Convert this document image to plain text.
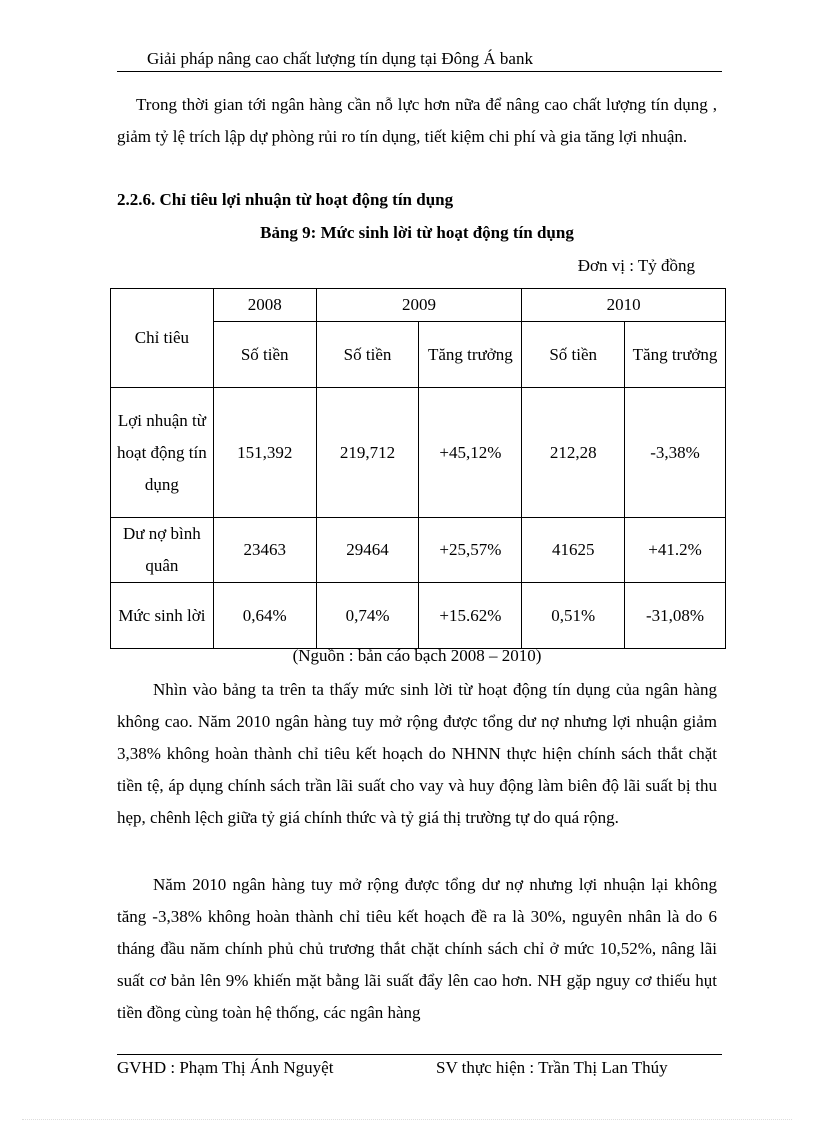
Giải pháp nâng cao chất lượng tín dụng tại Đông Á bank

Trong thời gian tới ngân hàng cần nỗ lực hơn nữa để nâng cao chất lượng tín dụng , giảm tỷ lệ trích lập dự phòng rủi ro tín dụng, tiết kiệm chi phí và gia tăng lợi nhuận.

2.2.6. Chỉ tiêu lợi nhuận từ hoạt động tín dụng
Bảng 9: Mức sinh lời từ hoạt động tín dụng
Đơn vị : Tỷ đồng
Chỉ tiêu	2008	2009		2010	
	Số tiền	Số tiền	Tăng trưởng	Số tiền	Tăng trưởng
Lợi nhuận từ hoạt động tín dụng	151,392	219,712	+45,12%	212,28	-3,38%
Dư nợ bình quân	23463	29464	+25,57%	41625	+41.2%
Mức sinh lời	0,64%	0,74%	+15.62%	0,51%	-31,08%
(Nguồn : bản cáo bạch 2008 – 2010)

Nhìn vào bảng ta trên ta thấy mức sinh lời từ hoạt động tín dụng của ngân hàng không cao. Năm 2010 ngân hàng tuy mở rộng được tổng dư nợ nhưng lợi nhuận giảm 3,38% không hoàn thành chỉ tiêu kết hoạch do NHNN thực hiện chính sách thắt chặt tiền tệ, áp dụng chính sách trần lãi suất cho vay và huy động làm biên độ lãi suất bị thu hẹp, chênh lệch giữa tỷ giá chính thức và tỷ giá thị trường tự do quá rộng.

Năm 2010 ngân hàng tuy mở rộng được tổng dư nợ nhưng lợi nhuận lại không tăng -3,38% không hoàn thành chỉ tiêu kết hoạch đề ra là 30%, nguyên nhân là do 6 tháng đầu năm chính phủ chủ trương thắt chặt chính sách chỉ ở mức 10,52%, nâng lãi suất cơ bản lên 9% khiến mặt bằng lãi suất đẩy lên cao hơn. NH gặp nguy cơ thiếu hụt tiền đồng cùng toàn hệ thống, các ngân hàng

GVHD : Phạm Thị Ánh Nguyệt	SV thực hiện : Trần Thị Lan Thúy
